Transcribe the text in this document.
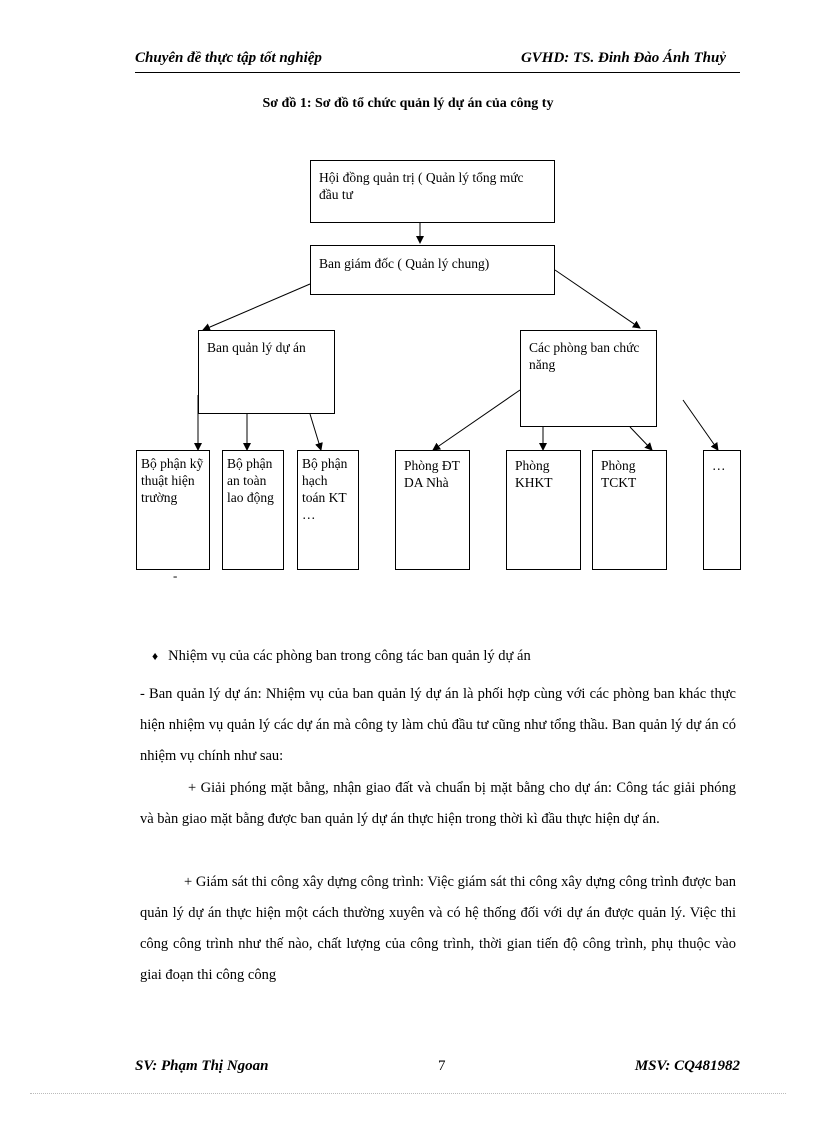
Chuyên đề thực tập tốt nghiệp	GVHD: TS. Đinh Đào Ánh Thuỷ
Sơ đồ 1: Sơ đồ tổ chức quản lý dự án của công ty
Hội đồng quản trị ( Quản lý tổng mức đầu tư
Ban giám đốc ( Quản lý chung)
Ban quản lý dự án	Các phòng ban chức năng
Bộ phận kỹ thuật hiện trường
Bộ phận an toàn lao động
Bộ phận hạch toán KT …
Phòng ĐT DA Nhà
Phòng KHKT
Phòng TCKT
…
-
♦ Nhiệm vụ của các phòng ban trong công tác ban quản lý dự án
- Ban quản lý dự án: Nhiệm vụ của ban quản lý dự án là phối hợp cùng với các phòng ban khác thực hiện nhiệm vụ quản lý các dự án mà công ty làm chủ đầu tư cũng như tổng thầu. Ban quản lý dự án có nhiệm vụ chính như sau:
+ Giải phóng mặt bằng, nhận giao đất và chuẩn bị mặt bằng cho dự án: Công tác giải phóng và bàn giao mặt bằng được ban quản lý dự án thực hiện trong thời kì đầu thực hiện dự án.
+ Giám sát thi công xây dựng công trình: Việc giám sát thi công xây dựng công trình được ban quản lý dự án thực hiện một cách thường xuyên và có hệ thống đối với dự án được quản lý. Việc thi công công trình như thế nào, chất lượng của công trình, thời gian tiến độ công trình, phụ thuộc vào giai đoạn thi công công
SV: Phạm Thị Ngoan	7	MSV: CQ481982
